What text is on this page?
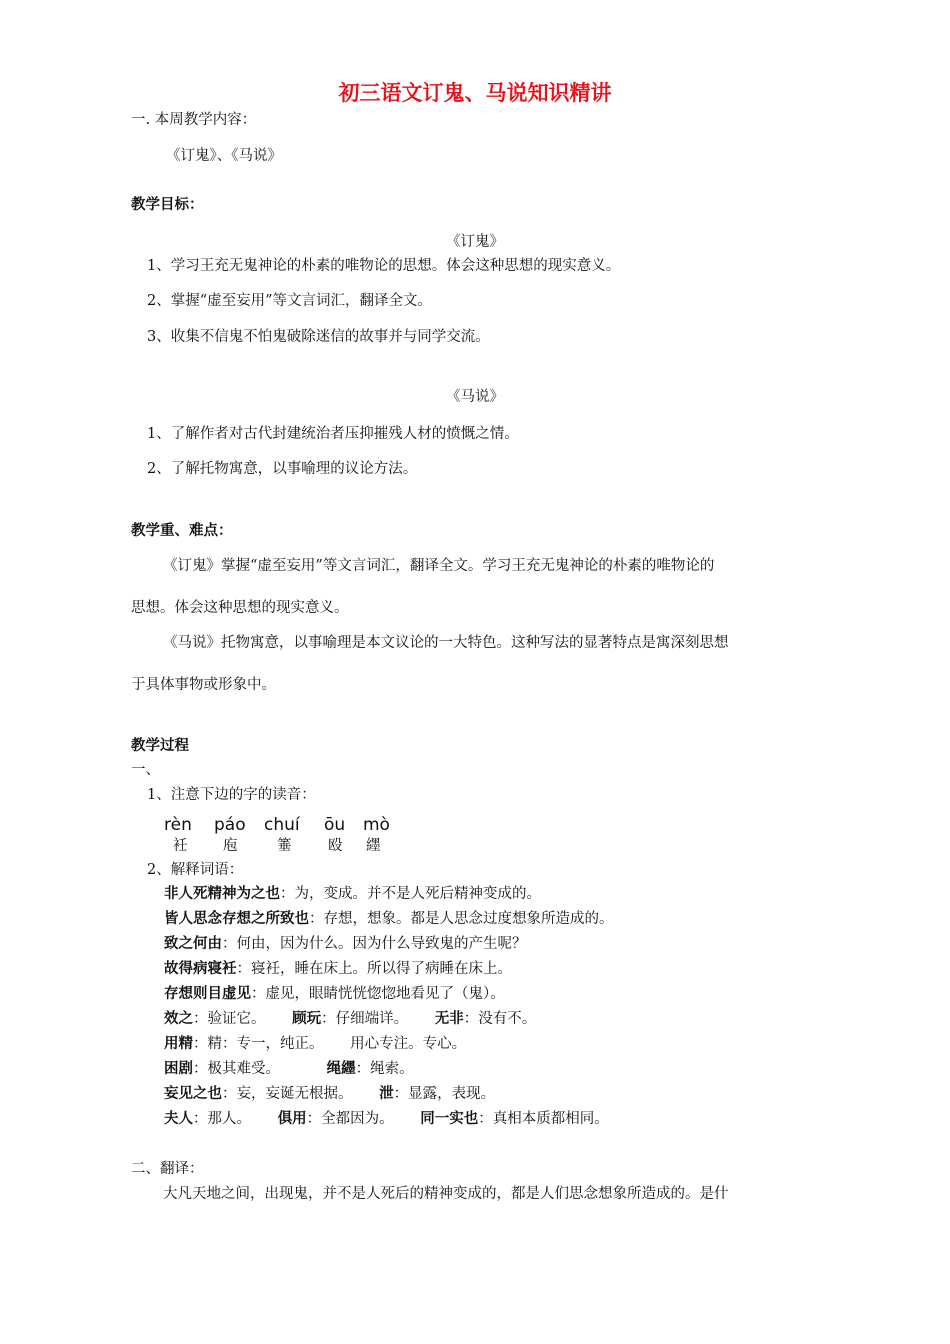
初三语文订鬼、马说知识精讲
一. 本周教学内容：
《订鬼》、《马说》
教学目标：
《订鬼》
1、学习王充无鬼神论的朴素的唯物论的思想。体会这种思想的现实意义。
2、掌握“虚至妄用”等文言词汇，翻译全文。
3、收集不信鬼不怕鬼破除迷信的故事并与同学交流。
《马说》
1、了解作者对古代封建统治者压抑摧残人材的愤慨之情。
2、了解托物寓意，以事喻理的议论方法。
教学重、难点：
《订鬼》掌握“虚至妄用”等文言词汇，翻译全文。学习王充无鬼神论的朴素的唯物论的
思想。体会这种思想的现实意义。
《马说》托物寓意，以事喻理是本文议论的一大特色。这种写法的显著特点是寓深刻思想
于具体事物或形象中。
教学过程
一、
1、注意下边的字的读音：
rèn
衽
páo
庖
chuí
箠
ōu
殴
mò
纆
2、解释词语：
非人死精神为之也：为，变成。并不是人死后精神变成的。
皆人思念存想之所致也：存想，想象。都是人思念过度想象所造成的。
致之何由：何由，因为什么。因为什么导致鬼的产生呢？
故得病寝衽：寝衽，睡在床上。所以得了病睡在床上。
存想则目虚见：虚见，眼睛恍恍惚惚地看见了（鬼）。
效之：验证它。 顾玩：仔细端详。 无非：没有不。
用精：精：专一，纯正。 用心专注。专心。
困剧：极其难受。	绳纆：绳索。
妄见之也：妄，妄诞无根据。 泄：显露，表现。
夫人：那人。 俱用：全都因为。 同一实也：真相本质都相同。
二、翻译：
大凡天地之间，出现鬼，并不是人死后的精神变成的，都是人们思念想象所造成的。是什
